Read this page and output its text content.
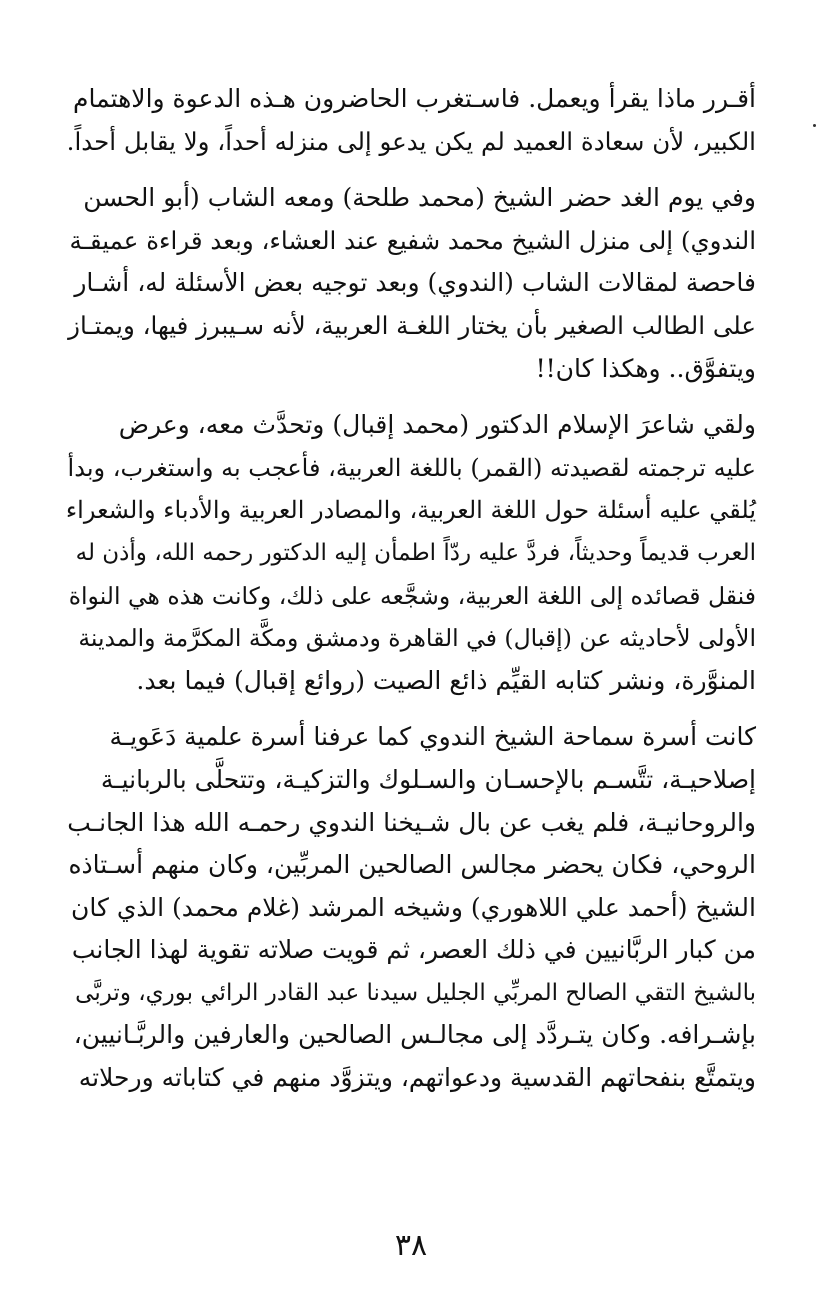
أقـرر ماذا يقرأ ويعمل. فاسـتغرب الحاضرون هـذه الدعوة والاهتمام
الكبير، لأن سعادة العميد لم يكن يدعو إلى منزله أحداً، ولا يقابل أحداً.

وفي يوم الغد حضر الشيخ (محمد طلحة) ومعه الشاب (أبو الحسن
الندوي) إلى منزل الشيخ محمد شفيع عند العشاء، وبعد قراءة عميقـة
فاحصة لمقالات الشاب (الندوي) وبعد توجيه بعض الأسئلة له، أشـار
على الطالب الصغير بأن يختار اللغـة العربية، لأنه سـيبرز فيها، ويمتـاز
ويتفوَّق.. وهكذا كان!!

ولقي شاعرَ الإسلام الدكتور (محمد إقبال) وتحدَّث معه، وعرض
عليه ترجمته لقصيدته (القمر) باللغة العربية، فأعجب به واستغرب، وبدأ
يُلقي عليه أسئلة حول اللغة العربية، والمصادر العربية والأدباء والشعراء
العرب قديماً وحديثاً، فردَّ عليه ردّاً اطمأن إليه الدكتور رحمه الله، وأذن له
فنقل قصائده إلى اللغة العربية، وشجَّعه على ذلك، وكانت هذه هي النواة
الأولى لأحاديثه عن (إقبال) في القاهرة ودمشق ومكَّة المكرَّمة والمدينة
المنوَّرة، ونشر كتابه القيِّم ذائع الصيت (روائع إقبال) فيما بعد.

كانت أسرة سماحة الشيخ الندوي كما عرفنا أسرة علمية دَعَويـة
إصلاحيـة، تتَّسـم بالإحسـان والسـلوك والتزكيـة، وتتحلَّى بالربانيـة
والروحانيـة، فلم يغب عن بال شـيخنا الندوي رحمـه الله هذا الجانـب
الروحي، فكان يحضر مجالس الصالحين المربِّين، وكان منهم أسـتاذه
الشيخ (أحمد علي اللاهوري) وشيخه المرشد (غلام محمد) الذي كان
من كبار الربَّانيين في ذلك العصر، ثم قويت صلاته تقوية لهذا الجانب
بالشيخ التقي الصالح المربِّي الجليل سيدنا عبد القادر الرائي بوري، وتربَّى
بإشـرافه. وكان يتـردَّد إلى مجالـس الصالحين والعارفين والربَّـانيين،
ويتمتَّع بنفحاتهم القدسية ودعواتهم، ويتزوَّد منهم في كتاباته ورحلاته

٣٨
